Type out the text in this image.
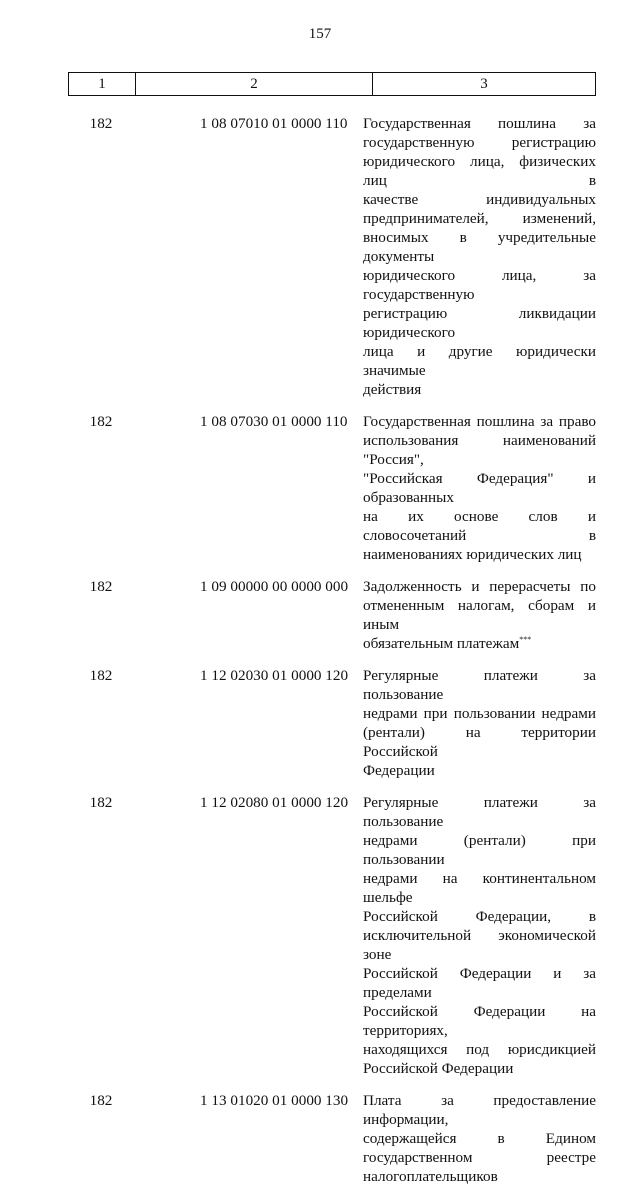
157
1	2	3
182	1 08 07010 01 0000 110	Государственная пошлина за
государственную регистрацию
юридического лица, физических лиц в
качестве индивидуальных
предпринимателей, изменений,
вносимых в учредительные документы
юридического лица, за государственную
регистрацию ликвидации юридического
лица и другие юридически значимые
действия
182	1 08 07030 01 0000 110	Государственная пошлина за право
использования наименований "Россия",
"Российская Федерация" и образованных
на их основе слов и словосочетаний в
наименованиях юридических лиц
182	1 09 00000 00 0000 000 Задолженность и перерасчеты по
отмененным налогам, сборам и иным
обязательным платежам***
182	1 12 02030 01 0000 120 Регулярные платежи за пользование
недрами при пользовании недрами
(рентали) на территории Российской
Федерации
182	1 12 02080 01 0000 120 Регулярные платежи за пользование
недрами (рентали) при пользовании
недрами на континентальном шельфе
Российской Федерации, в
исключительной экономической зоне
Российской Федерации и за пределами
Российской Федерации на территориях,
находящихся под юрисдикцией
Российской Федерации
182	1 13 01020 01 0000 130 Плата за предоставление информации,
содержащейся в Едином
государственном реестре
налогоплательщиков
